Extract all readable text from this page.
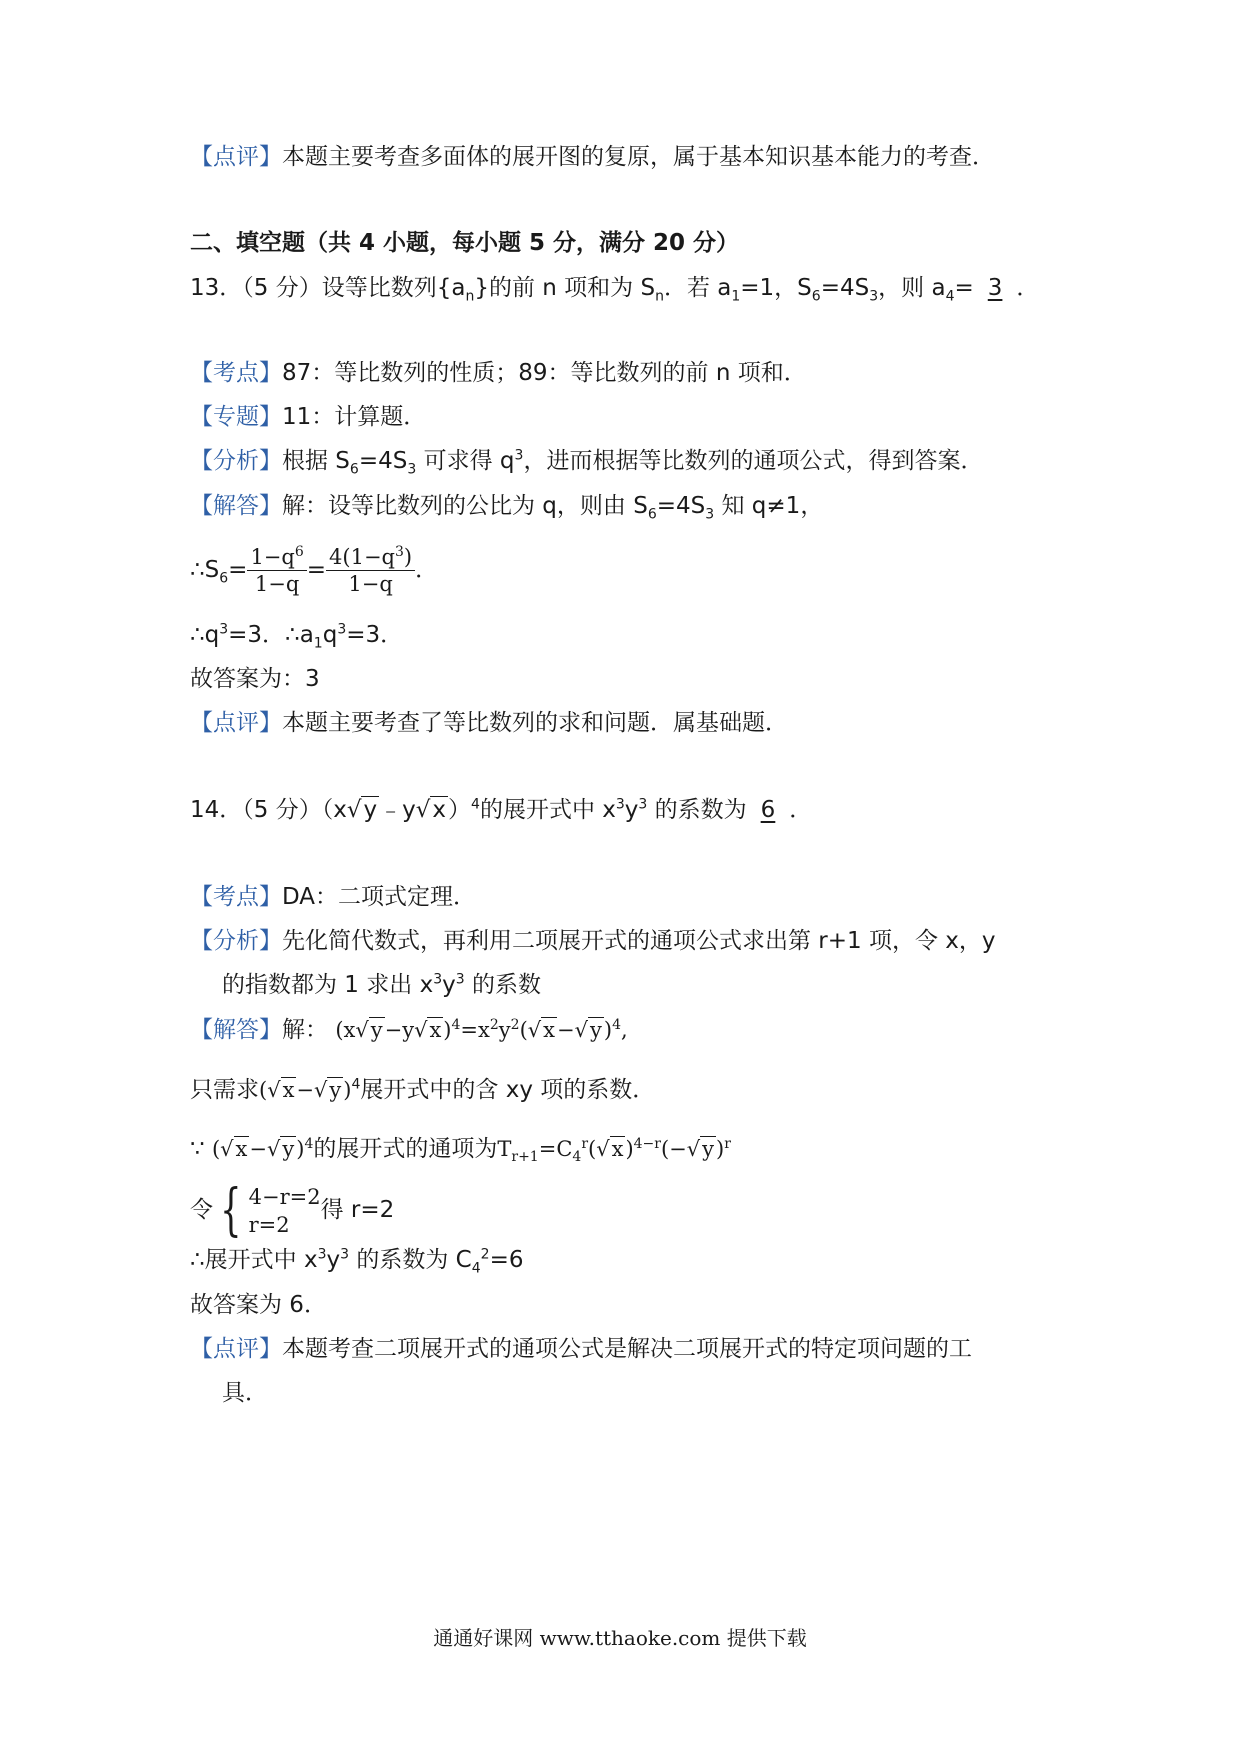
【点评】本题主要考查多面体的展开图的复原，属于基本知识基本能力的考查．
二、填空题（共 4 小题，每小题 5 分，满分 20 分）
13．（5 分）设等比数列$\{a_n\}$的前 n 项和为 $S_n$．若 $a_1=1$，$S_6=4S_3$，则 $a_4= 3$ ．
【考点】87：等比数列的性质；89：等比数列的前 n 项和．
【专题】11：计算题．
【分析】根据 $S_6=4S_3$ 可求得 $q^3$，进而根据等比数列的通项公式，得到答案．
【解答】解：设等比数列的公比为 q，则由 $S_6=4S_3$ 知 q≠1，
$\therefore S_6= \frac{1-q^6}{1-q} = \frac{4(1-q^3)}{1-q}$ ．
$\therefore q^3=3$．$\therefore a_1q^3=3$．
故答案为：3
【点评】本题主要考查了等比数列的求和问题．属基础题．
14．（5 分）（x√y﹣y√x）$^4$的展开式中 $x^3y^3$ 的系数为 6 ．
【考点】DA：二项式定理．
【分析】先化简代数式，再利用二项展开式的通项公式求出第 r+1 项，令 x，y
的指数都为 1 求出 $x^3y^3$ 的系数
【解答】解： $(x√y-y√x)^4=x^2y^2(√x-√y)^4$,
只需求$(√x-√y)^4$展开式中的含 xy 项的系数．
∵ $(√x-√y)^4$的展开式的通项为$T_{r+1}=C_4^r(√x)^{4-r}(-√y)^r$
令 { 4−r=2
r=2
得 r=2
∴展开式中 $x^3y^3$ 的系数为 $C_4^2=6$
故答案为 6．
【点评】本题考查二项展开式的通项公式是解决二项展开式的特定项问题的工
具．
通通好课网 www.tthaoke.com 提供下载
